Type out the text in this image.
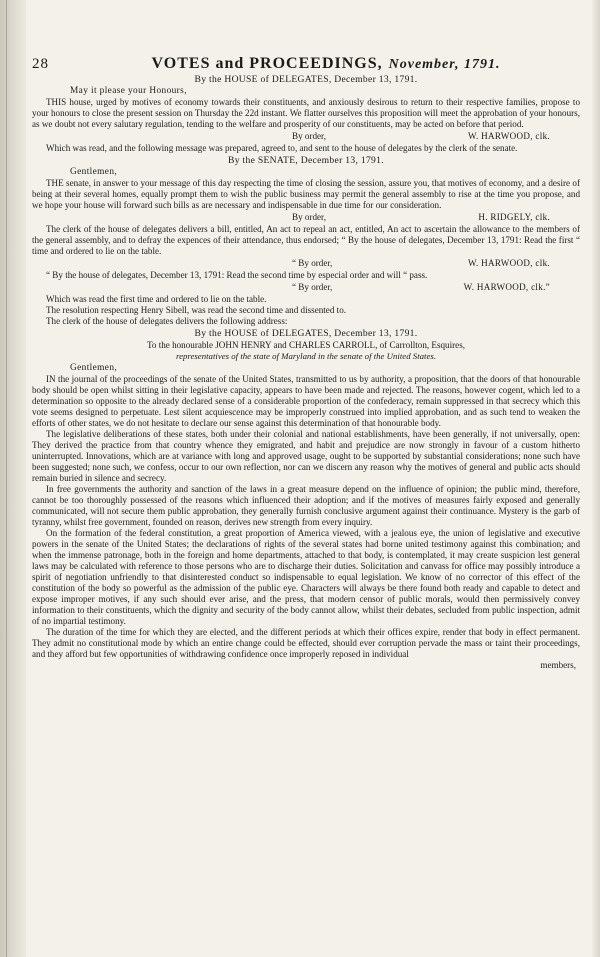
28	VOTES and PROCEEDINGS, November, 1791.
By the HOUSE of DELEGATES, December 13, 1791.
May it please your Honours,

THIS house, urged by motives of economy towards their constituents, and anxiously desirous to return to their respective families, propose to your honours to close the present session on Thursday the 22d instant. We flatter ourselves this proposition will meet the approbation of your honours, as we doubt not every salutary regulation, tending to the welfare and prosperity of our constituents, may be acted on before that period.

By order,	W. HARWOOD, clk.

Which was read, and the following message was prepared, agreed to, and sent to the house of delegates by the clerk of the senate.

By the SENATE, December 13, 1791.
Gentlemen,

THE senate, in answer to your message of this day respecting the time of closing the session, assure you, that motives of economy, and a desire of being at their several homes, equally prompt them to wish the public business may permit the general assembly to rise at the time you propose, and we hope your house will forward such bills as are necessary and indispensable in due time for our consideration.

By order,	H. RIDGELY, clk.

The clerk of the house of delegates delivers a bill, entitled, An act to repeal an act, entitled, An act to ascertain the allowance to the members of the general assembly, and to defray the expences of their attendance, thus endorsed; “ By the house of delegates, December 13, 1791: Read the first “ time and ordered to lie on the table.

“ By order,	W. HARWOOD, clk.

“ By the house of delegates, December 13, 1791: Read the second time by especial order and will “ pass.

“ By order,	W. HARWOOD, clk.”

Which was read the first time and ordered to lie on the table.

The resolution respecting Henry Sibell, was read the second time and dissented to.

The clerk of the house of delegates delivers the following address:

By the HOUSE of DELEGATES, December 13, 1791.
To the honourable JOHN HENRY and CHARLES CARROLL, of Carrollton, Esquires,
representatives of the state of Maryland in the senate of the United States.
Gentlemen,

IN the journal of the proceedings of the senate of the United States, transmitted to us by authority, a proposition, that the doors of that honourable body should be open whilst sitting in their legislative capacity, appears to have been made and rejected. The reasons, however cogent, which led to a determination so opposite to the already declared sense of a considerable proportion of the confederacy, remain suppressed in that secrecy which this vote seems designed to perpetuate. Lest silent acquiescence may be improperly construed into implied approbation, and as such tend to weaken the efforts of other states, we do not hesitate to declare our sense against this determination of that honourable body.

The legislative deliberations of these states, both under their colonial and national establishments, have been generally, if not universally, open: They derived the practice from that country whence they emigrated, and habit and prejudice are now strongly in favour of a custom hitherto uninterrupted. Innovations, which are at variance with long and approved usage, ought to be supported by substantial considerations; none such have been suggested; none such, we confess, occur to our own reflection, nor can we discern any reason why the motives of general and public acts should remain buried in silence and secrecy.

In free governments the authority and sanction of the laws in a great measure depend on the influence of opinion; the public mind, therefore, cannot be too thoroughly possessed of the reasons which influenced their adoption; and if the motives of measures fairly exposed and generally communicated, will not secure them public approbation, they generally furnish conclusive argument against their continuance. Mystery is the garb of tyranny, whilst free government, founded on reason, derives new strength from every inquiry.

On the formation of the federal constitution, a great proportion of America viewed, with a jealous eye, the union of legislative and executive powers in the senate of the United States; the declarations of rights of the several states had borne united testimony against this combination; and when the immense patronage, both in the foreign and home departments, attached to that body, is contemplated, it may create suspicion lest general laws may be calculated with reference to those persons who are to discharge their duties. Solicitation and canvass for office may possibly introduce a spirit of negotiation unfriendly to that disinterested conduct so indispensable to equal legislation. We know of no corrector of this effect of the constitution of the body so powerful as the admission of the public eye. Characters will always be there found both ready and capable to detect and expose improper motives, if any such should ever arise, and the press, that modern censor of public morals, would then permissively convey information to their constituents, which the dignity and security of the body cannot allow, whilst their debates, secluded from public inspection, admit of no impartial testimony.

The duration of the time for which they are elected, and the different periods at which their offices expire, render that body in effect permanent. They admit no constitutional mode by which an entire change could be effected, should ever corruption pervade the mass or taint their proceedings, and they afford but few opportunities of withdrawing confidence once improperly reposed in individual

members,
